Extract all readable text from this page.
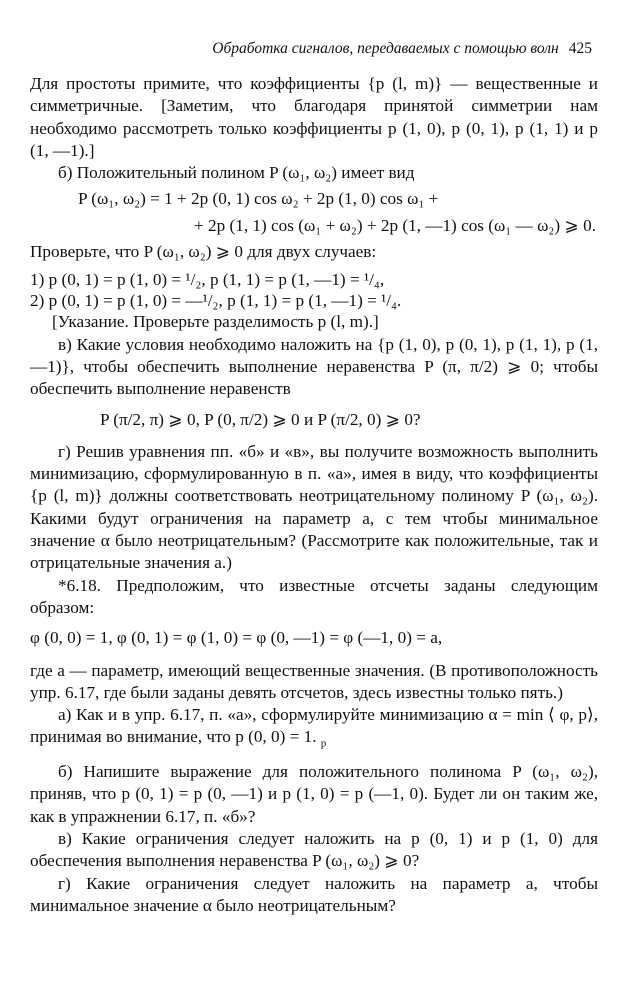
Обработка сигналов, передаваемых с помощью волн 425

Для простоты примите, что коэффициенты {p (l, m)} — вещественные и симметричные. [Заметим, что благодаря принятой симметрии нам необходимо рассмотреть только коэффициенты p (1, 0), p (0, 1), p (1, 1) и p (1, —1).]

б) Положительный полином P (ω₁, ω₂) имеет вид

P (ω₁, ω₂) = 1 + 2p (0, 1) cos ω₂ + 2p (1, 0) cos ω₁ +
+ 2p (1, 1) cos (ω₁ + ω₂) + 2p (1, —1) cos (ω₁ — ω₂) ⩾ 0.

Проверьте, что P (ω₁, ω₂) ⩾ 0 для двух случаев:

1) p (0, 1) = p (1, 0) = ¹/₂, p (1, 1) = p (1, —1) = ¹/₄,
2) p (0, 1) = p (1, 0) = —¹/₂, p (1, 1) = p (1, —1) = ¹/₄.

[Указание. Проверьте разделимость p (l, m).]

в) Какие условия необходимо наложить на {p (1, 0), p (0, 1), p (1, 1), p (1, —1)}, чтобы обеспечить выполнение неравенства P (π, π/2) ⩾ 0; чтобы обеспечить выполнение неравенств

P (π/2, π) ⩾ 0, P (0, π/2) ⩾ 0 и P (π/2, 0) ⩾ 0?

г) Решив уравнения пп. «б» и «в», вы получите возможность выполнить минимизацию, сформулированную в п. «а», имея в виду, что коэффициенты {p (l, m)} должны соответствовать неотрицательному полиному P (ω₁, ω₂). Какими будут ограничения на параметр a, с тем чтобы минимальное значение α было неотрицательным? (Рассмотрите как положительные, так и отрицательные значения a.)

*6.18. Предположим, что известные отсчеты заданы следующим образом:

φ (0, 0) = 1, φ (0, 1) = φ (1, 0) = φ (0, —1) = φ (—1, 0) = a,

где a — параметр, имеющий вещественные значения. (В противоположность упр. 6.17, где были заданы девять отсчетов, здесь известны только пять.)

а) Как и в упр. 6.17, п. «а», сформулируйте минимизацию α = min ⟨ φ, p⟩, принимая во внимание, что p (0, 0) = 1. $_p$

б) Напишите выражение для положительного полинома P (ω₁, ω₂), приняв, что p (0, 1) = p (0, —1) и p (1, 0) = p (—1, 0). Будет ли он таким же, как в упражнении 6.17, п. «б»?

в) Какие ограничения следует наложить на p (0, 1) и p (1, 0) для обеспечения выполнения неравенства P (ω₁, ω₂) ⩾ 0?

г) Какие ограничения следует наложить на параметр a, чтобы минимальное значение α было неотрицательным?
